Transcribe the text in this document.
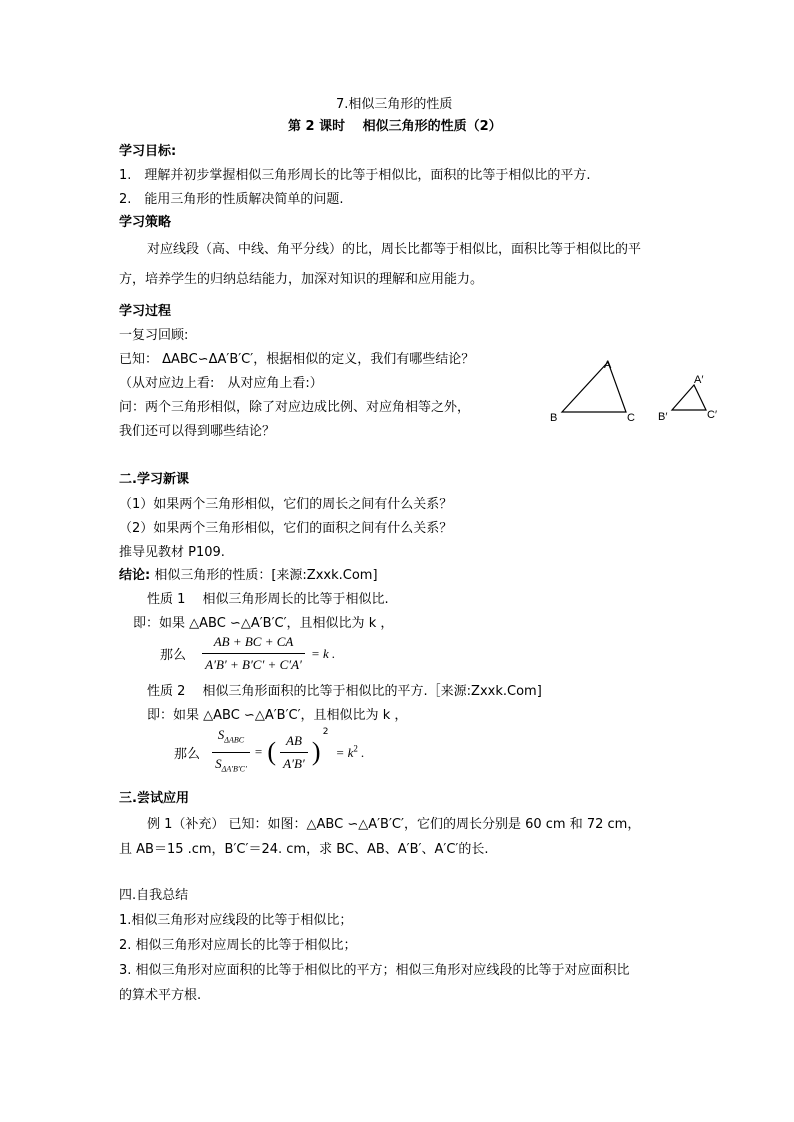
7.相似三角形的性质
第 2 课时　 相似三角形的性质（2）
学习目标:
1.　理解并初步掌握相似三角形周长的比等于相似比，面积的比等于相似比的平方.
2.　能用三角形的性质解决简单的问题.
学习策略
对应线段（高、中线、角平分线）的比，周长比都等于相似比，面积比等于相似比的平
方，培养学生的归纳总结能力，加深对知识的理解和应用能力。
学习过程
一复习回顾:
已知： ΔABC∽ΔA′B′C′，根据相似的定义，我们有哪些结论？
（从对应边上看:　从对应角上看:）
问：两个三角形相似，除了对应边成比例、对应角相等之外，
我们还可以得到哪些结论？
A
B	C
A′
B′	C′
二.学习新课
（1）如果两个三角形相似，它们的周长之间有什么关系？
（2）如果两个三角形相似，它们的面积之间有什么关系？
推导见教材 P109.
结论: 相似三角形的性质：[来源:Zxxk.Com]
性质 1　 相似三角形周长的比等于相似比.
即：如果 △ABC ∽△A′B′C′，且相似比为 k ，
那么 $\frac{AB + BC + CA}{A'B' + B'C' + C'A'} = k$ .
性质 2　 相似三角形面积的比等于相似比的平方.［来源:Zxxk.Com]
即：如果 △ABC ∽△A′B′C′，且相似比为 k ，
那么 $\frac{S_{\Delta ABC}}{S_{\Delta A'B'C'}}$ = ( $\frac{AB}{A'B'}$ ) $^2 = k^2$ .
三.尝试应用
例 1（补充） 已知：如图：△ABC ∽△A′B′C′，它们的周长分别是 60 cm 和 72 cm，
且 AB＝15 .cm，B′C′＝24. cm，求 BC、AB、A′B′、A′C′的长.
四.自我总结
1.相似三角形对应线段的比等于相似比；
2. 相似三角形对应周长的比等于相似比；
3. 相似三角形对应面积的比等于相似比的平方；相似三角形对应线段的比等于对应面积比
的算术平方根.
